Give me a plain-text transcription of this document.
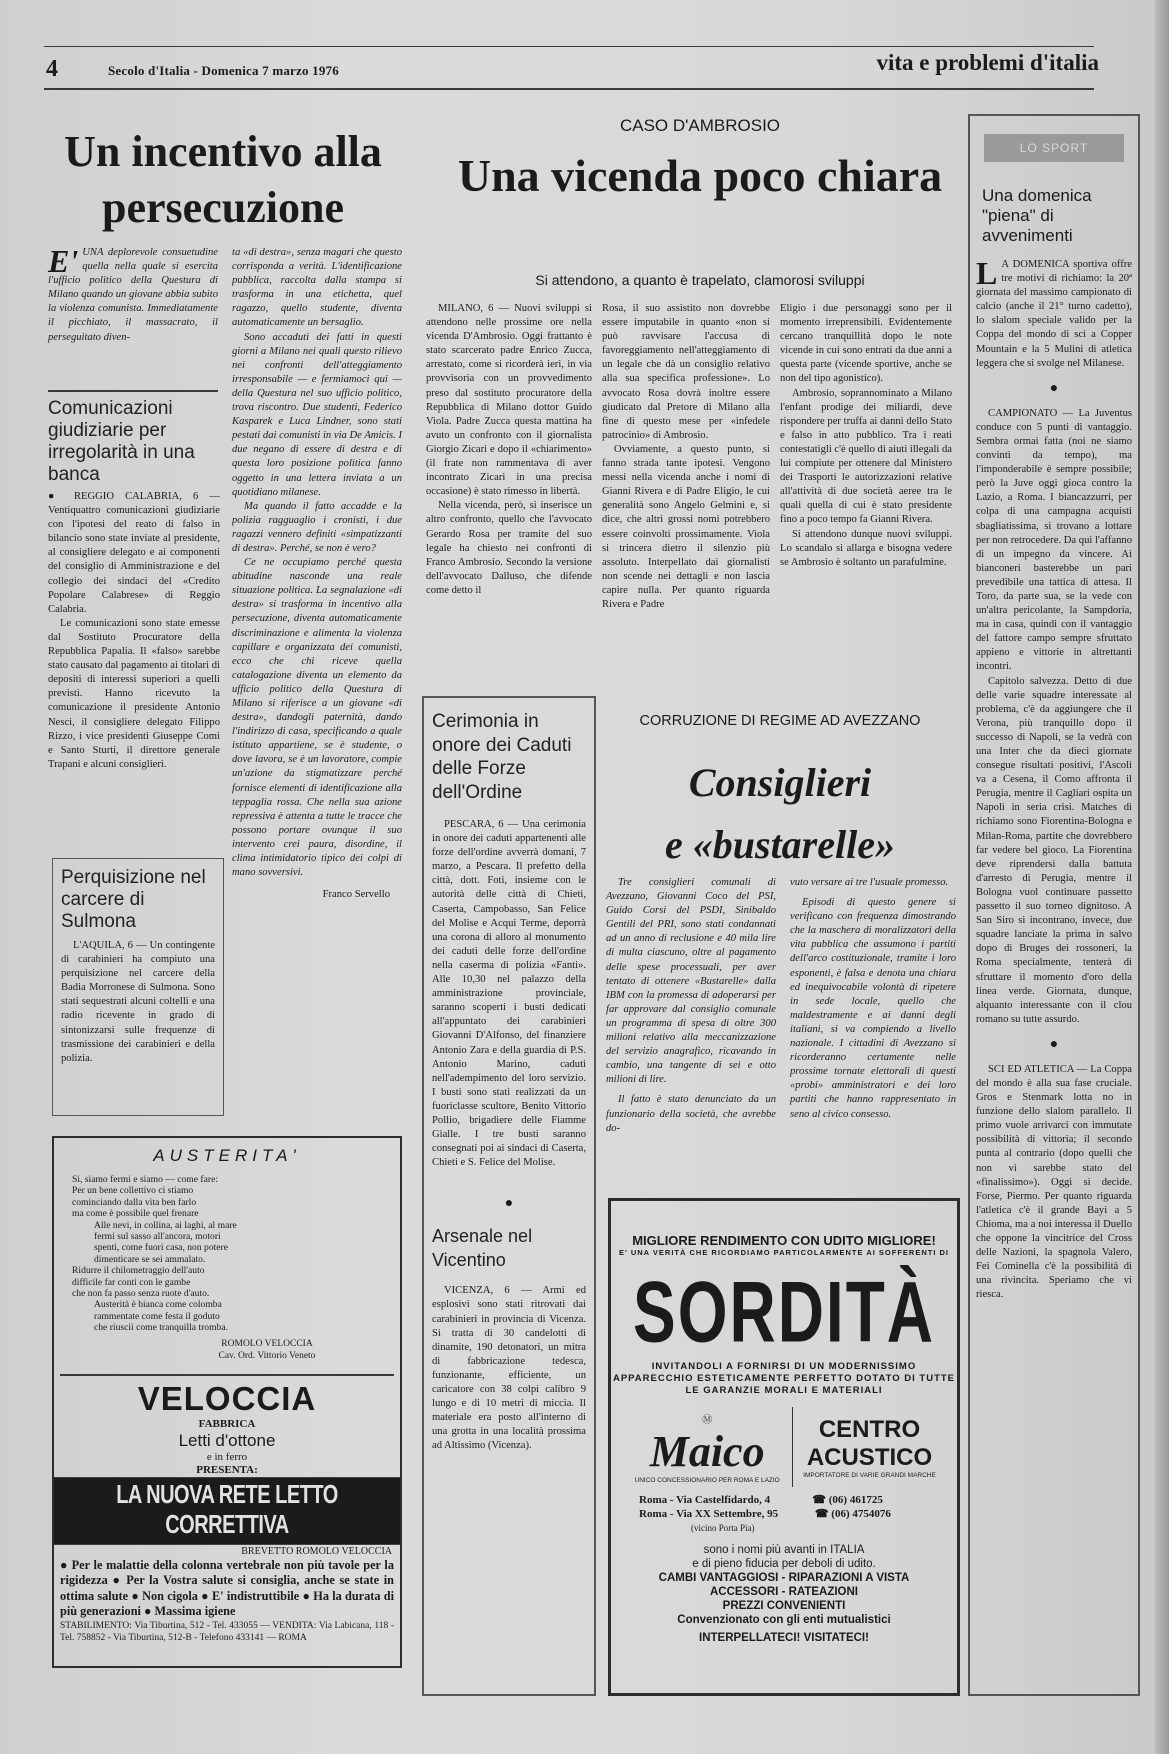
4	Secolo d'Italia - Domenica 7 marzo 1976	vita e problemi d'italia
Un incentivo alla persecuzione
E' UNA deplorevole consuetudine quella nella quale si esercita l'ufficio politico della Questura di Milano quando un giovane abbia subito la violenza comunista. Immediatamente il picchiato, il massacrato, il perseguitato diven-

ta «di destra», senza magari che questo corrisponda a verità. L'identificazione pubblica, raccolta dalla stampa si trasforma in una etichetta, quel ragazzo, quello studente, diventa automaticamente un bersaglio.

Sono accaduti dei fatti in questi giorni a Milano nei quali questo rilievo nei confronti dell'atteggiamento irresponsabile — e fermiamoci qui — della Questura nel suo ufficio politico, trova riscontro. Due studenti, Federico Kasparek e Luca Lindner, sono stati pestati dai comunisti in via De Amicis. I due negano di essere di destra e di questa loro posizione politica fanno oggetto in una lettera inviata a un quotidiano milanese.

Ma quando il fatto accadde e la polizia ragguaglio i cronisti, i due ragazzi vennero definiti «simpatizzanti di destra». Perché, se non è vero?

Ce ne occupiamo perché questa abitudine nasconde una reale situazione politica. La segnalazione «di destra» si trasforma in incentivo alla persecuzione, diventa automaticamente discriminazione e alimenta la violenza capillare e organizzata dei comunisti, ecco che chi riceve quella catalogazione diventa un elemento da ufficio politico della Questura di Milano si riferisce a un giovane «di destra», dandogli paternità, dando l'indirizzo di casa, specificando a quale istituto appartiene, se è studente, o dove lavora, se è un lavoratore, compie un'azione da stigmatizzare perché fornisce elementi di identificazione alla teppaglia rossa. Che nella sua azione repressiva è attenta a tutte le tracce che possono portare ovunque il suo intervento crei paura, disordine, il clima intimidatorio tipico dei colpi di mano sovversivi.

Franco Servello

Comunicazioni giudiziarie per irregolarità in una banca

● REGGIO CALABRIA, 6 — Ventiquattro comunicazioni giudiziarie con l'ipotesi del reato di falso in bilancio sono state inviate al presidente, al consigliere delegato e ai componenti del consiglio di Amministrazione e del collegio dei sindaci del «Credito Popolare Calabrese» di Reggio Calabria.

Le comunicazioni sono state emesse dal Sostituto Procuratore della Repubblica Papalia. Il «falso» sarebbe stato causato dal pagamento ai titolari di depositi di interessi superiori a quelli previsti. Hanno ricevuto la comunicazione il presidente Antonio Nesci, il consigliere delegato Filippo Rizzo, i vice presidenti Giuseppe Comi e Santo Sturti, il direttore generale Trapani e alcuni consiglieri.

Perquisizione nel carcere di Sulmona

L'AQUILA, 6 — Un contingente di carabinieri ha compiuto una perquisizione nel carcere della Badia Morronese di Sulmona. Sono stati sequestrati alcuni coltelli e una radio ricevente in grado di sintonizzarsi sulle frequenze di trasmissione dei carabinieri e della polizia.

AUSTERITA'
Si, siamo fermi e siamo — come fare:
Per un bene collettivo ci stiamo
cominciando dalla vita ben farlo
ma come è possibile quel frenare
Alle nevi, in collina, ai laghi, al mare
fermi sul sasso all'ancora, motori
spenti, come fuori casa, non potere
dimenticare se sei ammalato.
Ridurre il chilometraggio dell'auto
difficile far conti con le gambe
che non fa passo senza ruote d'auto.
Austerità è bianca come colomba
rammentate come festa il goduto
che riusciì come tranquilla tromba.
ROMOLO VELOCCIA
Cav. Ord. Vittorio Veneto
VELOCCIA
FABBRICA
Letti d'ottone
e in ferro
PRESENTA:
LA NUOVA RETE LETTO CORRETTIVA
BREVETTO ROMOLO VELOCCIA
● Per le malattie della colonna vertebrale non più tavole per la rigidezza ● Per la Vostra salute si consiglia, anche se state in ottima salute ● Non cigola ● E' indistruttibile ● Ha la durata di più generazioni ● Massima igiene
STABILIMENTO: Via Tiburtina, 512 - Tel. 433055 — VENDITA: Via Labicana, 118 - Tel. 758852 - Via Tiburtina, 512-B - Telefono 433141 — ROMA
CASO D'AMBROSIO
Una vicenda poco chiara
Si attendono, a quanto è trapelato, clamorosi sviluppi

MILANO, 6 — Nuovi sviluppi si attendono nelle prossime ore nella vicenda D'Ambrosio. Oggi frattanto è stato scarcerato padre Enrico Zucca, arrestato, come si ricorderà ieri, in via provvisoria con un provvedimento preso dal sostituto procuratore della Repubblica di Milano dottor Guido Viola. Padre Zucca questa mattina ha avuto un confronto con il giornalista Giorgio Zicari e dopo il «chiarimento» (il frate non rammentava di aver incontrato Zicari in una precisa occasione) è stato rimesso in libertà.

Nella vicenda, però, si inserisce un altro confronto, quello che l'avvocato Gerardo Rosa per tramite del suo legale ha chiesto nei confronti di Franco Ambrosio. Secondo la versione dell'avvocato Dalluso, che difende come detto il

Rosa, il suo assistito non dovrebbe essere imputabile in quanto «non si può ravvisare l'accusa di favoreggiamento nell'atteggiamento di un legale che dà un consiglio relativo alla sua specifica professione». Lo avvocato Rosa dovrà inoltre essere giudicato dal Pretore di Milano alla fine di questo mese per «infedele patrocinio» di Ambrosio.

Ovviamente, a questo punto, si fanno strada tante ipotesi. Vengono messi nella vicenda anche i nomi di Gianni Rivera e di Padre Eligio, le cui generalità sono Angelo Gelmini e, si dice, che altri grossi nomi potrebbero essere coinvolti prossimamente. Viola si trincera dietro il silenzio più assoluto. Interpellato dai giornalisti non scende nei dettagli e non lascia capire nulla. Per quanto riguarda Rivera e Padre

Eligio i due personaggi sono per il momento irreprensibili. Evidentemente cercano tranquillità dopo le note vicende in cui sono entrati da due anni a questa parte (vicende sportive, anche se non del tipo agonistico).

Ambrosio, soprannominato a Milano l'enfant prodige dei miliardi, deve rispondere per truffa ai danni dello Stato e falso in atto pubblico. Tra i reati contestatigli c'è quello di aiuti illegali da lui compiute per ottenere dal Ministero dei Trasporti le autorizzazioni relative all'attività di due società aeree tra le quali quella di cui è stato presidente fino a poco tempo fa Gianni Rivera.

Si attendono dunque nuovi sviluppi. Lo scandalo si allarga e bisogna vedere se Ambrosio è soltanto un parafulmine.

Cerimonia in onore dei Caduti delle Forze dell'Ordine

PESCARA, 6 — Una cerimonia in onore dei caduti appartenenti alle forze dell'ordine avverrà domani, 7 marzo, a Pescara. Il prefetto della città, dott. Foti, insieme con le autorità delle città di Chieti, Caserta, Campobasso, San Felice del Molise e Acqui Terme, deporrà una corona di alloro al monumento dei caduti delle forze dell'ordine nella caserma di polizia «Fanti». Alle 10,30 nel palazzo della amministrazione provinciale, saranno scoperti i busti dedicati all'appuntato dei carabinieri Giovanni D'Alfonso, del finanziere Antonio Zara e della guardia di P.S. Antonio Marino, caduti nell'adempimento del loro servizio. I busti sono stati realizzati da un fuoriclasse scultore, Benito Vittorio Pollio, brigadiere delle Fiamme Gialle. I tre busti saranno consegnati poi ai sindaci di Caserta, Chieti e S. Felice del Molise.

●
Arsenale nel Vicentino

VICENZA, 6 — Armi ed esplosivi sono stati ritrovati dai carabinieri in provincia di Vicenza. Si tratta di 30 candelotti di dinamite, 190 detonatori, un mitra di fabbricazione tedesca, funzionante, efficiente, un caricatore con 38 colpi calibro 9 lungo e di 10 metri di miccia. Il materiale era posto all'interno di una grotta in una località prossima ad Altissimo (Vicenza).

CORRUZIONE DI REGIME AD AVEZZANO
Consiglieri
e «bustarelle»

Tre consiglieri comunali di Avezzano, Giovanni Coco del PSI, Guido Corsi del PSDI, Sinibaldo Gentili del PRI, sono stati condannati ad un anno di reclusione e 40 mila lire di multa ciascuno, oltre al pagamento delle spese processuali, per aver tentato di ottenere «Bustarelle» dalla IBM con la promessa di adoperarsi per far approvare dal consiglio comunale un programma di spesa di oltre 300 milioni relativo alla meccanizzazione del servizio anagrafico, ricavando in cambio, una tangente di sei e otto milioni di lire.

Il fatto è stato denunciato da un funzionario della società, che avrebbe do-

vuto versare ai tre l'usuale promesso.

Episodi di questo genere si verificano con frequenza dimostrando che la maschera di moralizzatori della vita pubblica che assumono i partiti dell'arco costituzionale, tramite i loro esponenti, è falsa e denota una chiara ed inequivocabile volontà di ripetere in sede locale, quello che maldestramente e ai danni degli italiani, si va compiendo a livello nazionale. I cittadini di Avezzano si ricorderanno certamente nelle prossime tornate elettorali di questi «probi» amministratori e dei loro partiti che hanno rappresentato in seno al civico consesso.

MIGLIORE RENDIMENTO CON UDITO MIGLIORE!
E' UNA VERITÀ CHE RICORDIAMO PARTICOLARMENTE AI SOFFERENTI DI
SORDITÀ
INVITANDOLI A FORNIRSI DI UN MODERNISSIMO APPARECCHIO ESTETICAMENTE PERFETTO DOTATO DI TUTTE LE GARANZIE MORALI E MATERIALI
Ⓜ
Maico
UNICO CONCESSIONARIO PER ROMA E LAZIO
CENTRO
ACUSTICO
IMPORTATORE DI VARIE GRANDI MARCHE
Roma - Via Castelfidardo, 4	☎ (06) 461725
Roma - Via XX Settembre, 95	☎ (06) 4754076
(vicino Porta Pia)
sono i nomi più avanti in ITALIA
e di pieno fiducia per deboli di udito.
CAMBI VANTAGGIOSI - RIPARAZIONI A VISTA
ACCESSORI - RATEAZIONI
PREZZI CONVENIENTI
Convenzionato con gli enti mutualistici
INTERPELLATECI! VISITATECI!
LO SPORT
Una domenica "piena" di avvenimenti
L A DOMENICA sportiva offre tre motivi di richiamo: la 20ª giornata del massimo campionato di calcio (anche il 21° turno cadetto), lo slalom speciale valido per la Coppa del mondo di sci a Copper Mountain e la 5 Mulini di atletica leggera che si svolge nel Milanese.
●

CAMPIONATO — La Juventus conduce con 5 punti di vantaggio. Sembra ormai fatta (noi ne siamo convinti da tempo), ma l'imponderabile è sempre possibile; però la Juve oggi gioca contro la Lazio, a Roma. I biancazzurri, per colpa di una campagna acquisti sbagliatissima, si trovano a lottare per non retrocedere. Da qui l'affanno di un impegno da vincere. Ai bianconeri basterebbe un pari prevedibile una tattica di attesa. Il Toro, da parte sua, se la vede con un'altra pericolante, la Sampdoria, ma in casa, quindi con il vantaggio del fattore campo sempre sfruttato appieno e vittorie in altrettanti incontri.

Capitolo salvezza. Detto di due delle varie squadre interessate al problema, c'è da aggiungere che il Verona, più tranquillo dopo il successo di Napoli, se la vedrà con una Inter che da dieci giornate consegue risultati positivi, l'Ascoli va a Cesena, il Como affronta il Perugia, mentre il Cagliari ospita un Napoli in seria crisi. Matches di richiamo sono Fiorentina-Bologna e Milan-Roma, partite che dovrebbero far vedere bel gioco. La Fiorentina deve riprendersi dalla battuta d'arresto di Perugia, mentre il Bologna vuol continuare passetto passetto il suo torneo dignitoso. A San Siro si incontrano, invece, due squadre lanciate la prima in salvo dopo di Bruges dei rossoneri, la Roma specialmente, tenterà di sfruttare il momento d'oro della linea verde. Giornata, dunque, alquanto interessante con il clou romano su tutte assurdo.

●

SCI ED ATLETICA — La Coppa del mondo è alla sua fase cruciale. Gros e Stenmark lotta no in funzione dello slalom parallelo. Il primo vuole arrivarci con immutate possibilità di vittoria; il secondo punta al contrario (dopo quelli che non vi sarebbe stato del «finalissimo»). Oggi si decide. Forse, Piermo. Per quanto riguarda l'atletica c'è il grande Bayi a 5 Chioma, ma a noi interessa il Duello che oppone la vincitrice del Cross delle Nazioni, la spagnola Valero, Fei Cominella c'è la possibilità di una rivincita. Speriamo che vi riesca.
